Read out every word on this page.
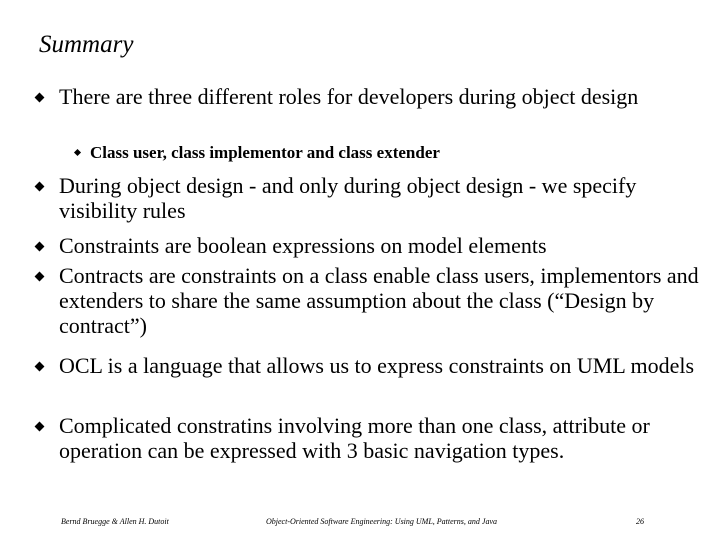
Summary
There are three different roles for developers during object design
Class user, class implementor and class extender
During object design - and only during object design - we specify visibility rules
Constraints are boolean expressions on model elements
Contracts are constraints on a class enable class users, implementors and extenders to share the same assumption about the class (“Design by contract”)
OCL is a language that allows us to express constraints on UML models
Complicated constratins involving more than one class, attribute or operation can be expressed with 3 basic navigation types.
Bernd Bruegge & Allen H. Dutoit	Object-Oriented Software Engineering: Using UML, Patterns, and Java	26
